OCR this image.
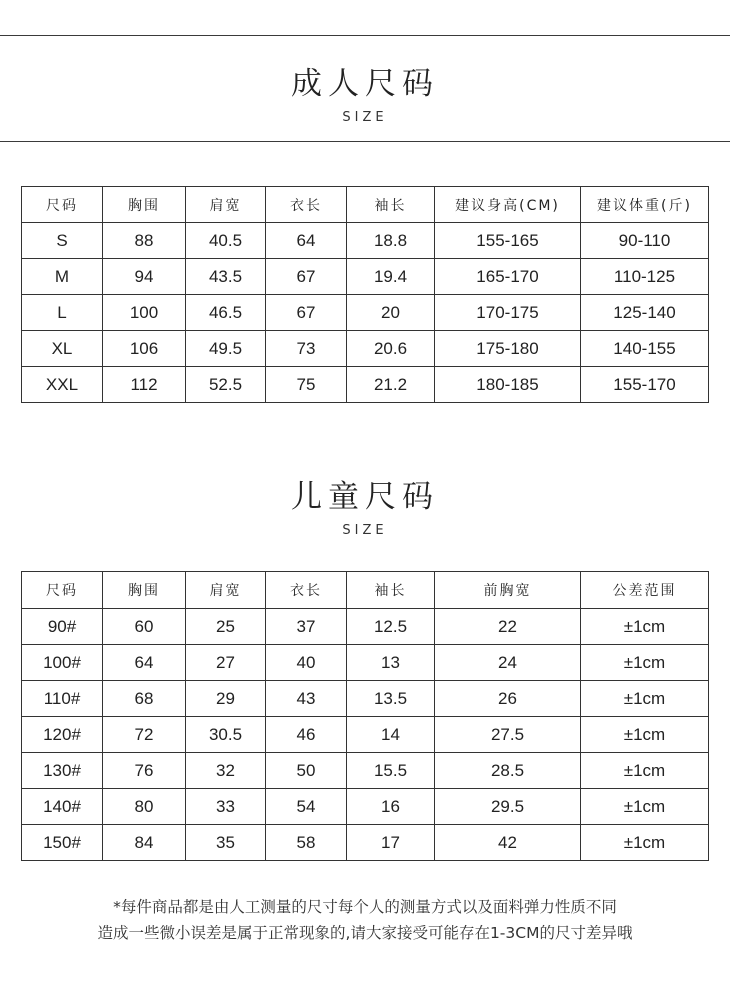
成人尺码
SIZE
尺码	胸围	肩宽	衣长	袖长	建议身高(CM)	建议体重(斤)
S	88	40.5	64	18.8	155-165	90-110
M	94	43.5	67	19.4	165-170	110-125
L	100	46.5	67	20	170-175	125-140
XL	106	49.5	73	20.6	175-180	140-155
XXL	112	52.5	75	21.2	180-185	155-170
儿童尺码
SIZE
尺码	胸围	肩宽	衣长	袖长	前胸宽	公差范围
90#	60	25	37	12.5	22	±1cm
100#	64	27	40	13	24	±1cm
110#	68	29	43	13.5	26	±1cm
120#	72	30.5	46	14	27.5	±1cm
130#	76	32	50	15.5	28.5	±1cm
140#	80	33	54	16	29.5	±1cm
150#	84	35	58	17	42	±1cm
*每件商品都是由人工测量的尺寸每个人的测量方式以及面料弹力性质不同
造成一些微小误差是属于正常现象的,请大家接受可能存在1-3CM的尺寸差异哦
